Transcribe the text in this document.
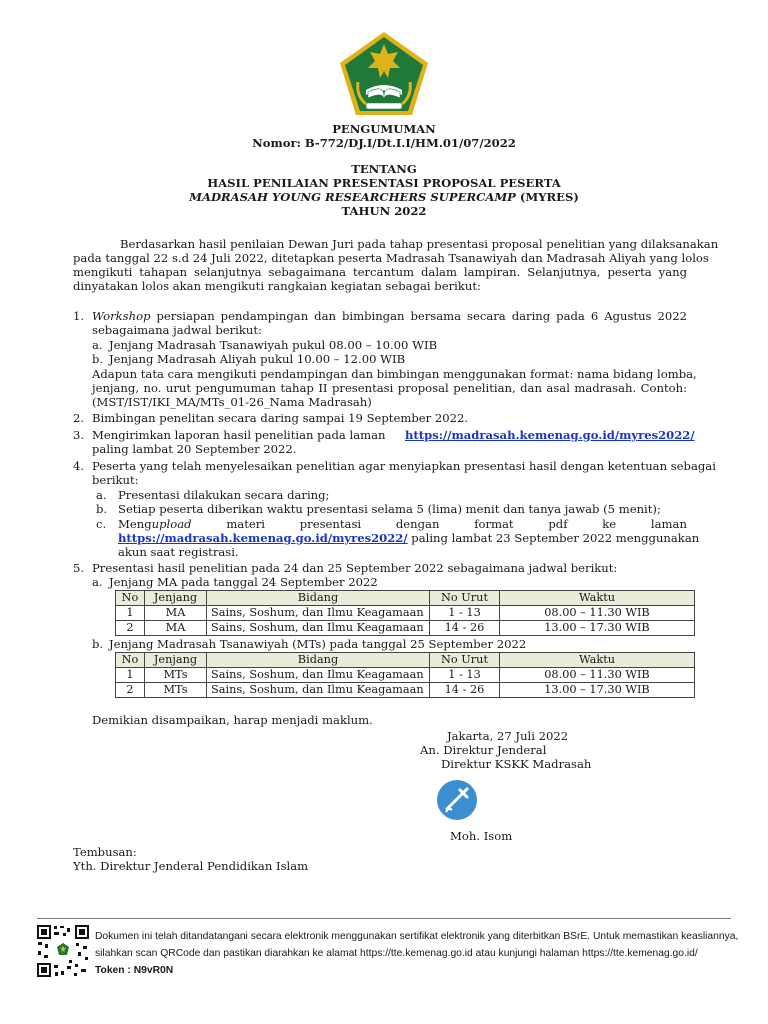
PENGUMUMAN
Nomor: B-772/DJ.I/Dt.I.I/HM.01/07/2022
TENTANG
HASIL PENILAIAN PRESENTASI PROPOSAL PESERTA
MADRASAH YOUNG RESEARCHERS SUPERCAMP (MYRES)
TAHUN 2022
Berdasarkan hasil penilaian Dewan Juri pada tahap presentasi proposal penelitian yang dilaksanakan
pada tanggal 22 s.d 24 Juli 2022, ditetapkan peserta Madrasah Tsanawiyah dan Madrasah Aliyah yang lolos
mengikuti tahapan selanjutnya sebagaimana tercantum dalam lampiran. Selanjutnya, peserta yang
dinyatakan lolos akan mengikuti rangkaian kegiatan sebagai berikut:
1. Workshop persiapan pendampingan dan bimbingan bersama secara daring pada 6 Agustus 2022
sebagaimana jadwal berikut:
a. Jenjang Madrasah Tsanawiyah pukul 08.00 – 10.00 WIB
b. Jenjang Madrasah Aliyah pukul 10.00 – 12.00 WIB
Adapun tata cara mengikuti pendampingan dan bimbingan menggunakan format: nama bidang lomba,
jenjang, no. urut pengumuman tahap II presentasi proposal penelitian, dan asal madrasah. Contoh:
(MST/IST/IKI_MA/MTs_01-26_Nama Madrasah)
2. Bimbingan penelitan secara daring sampai 19 September 2022.
3. Mengirimkan laporan hasil penelitian pada laman https://madrasah.kemenag.go.id/myres2022/
paling lambat 20 September 2022.
4. Peserta yang telah menyelesaikan penelitian agar menyiapkan presentasi hasil dengan ketentuan sebagai
berikut:
a. Presentasi dilakukan secara daring;
b. Setiap peserta diberikan waktu presentasi selama 5 (lima) menit dan tanya jawab (5 menit);
c. Mengupload	materi	presentasi	dengan	format	pdf	ke	laman
https://madrasah.kemenag.go.id/myres2022/ paling lambat 23 September 2022 menggunakan
akun saat registrasi.
5. Presentasi hasil penelitian pada 24 dan 25 September 2022 sebagaimana jadwal berikut:
a. Jenjang MA pada tanggal 24 September 2022
No	Jenjang	Bidang	No Urut	Waktu
1	MA	Sains, Soshum, dan Ilmu Keagamaan	1 - 13	08.00 – 11.30 WIB
2	MA	Sains, Soshum, dan Ilmu Keagamaan	14 - 26	13.00 – 17.30 WIB
b. Jenjang Madrasah Tsanawiyah (MTs) pada tanggal 25 September 2022
No	Jenjang	Bidang	No Urut	Waktu
1	MTs	Sains, Soshum, dan Ilmu Keagamaan	1 - 13	08.00 – 11.30 WIB
2	MTs	Sains, Soshum, dan Ilmu Keagamaan	14 - 26	13.00 – 17.30 WIB
Demikian disampaikan, harap menjadi maklum.
Jakarta, 27 Juli 2022
An. Direktur Jenderal
Direktur KSKK Madrasah
Moh. Isom
Tembusan:
Yth. Direktur Jenderal Pendidikan Islam
Dokumen ini telah ditandatangani secara elektronik menggunakan sertifikat elektronik yang diterbitkan BSrE. Untuk memastikan keasliannya,
silahkan scan QRCode dan pastikan diarahkan ke alamat https://tte.kemenag.go.id atau kunjungi halaman https://tte.kemenag.go.id/
Token : N9vR0N
